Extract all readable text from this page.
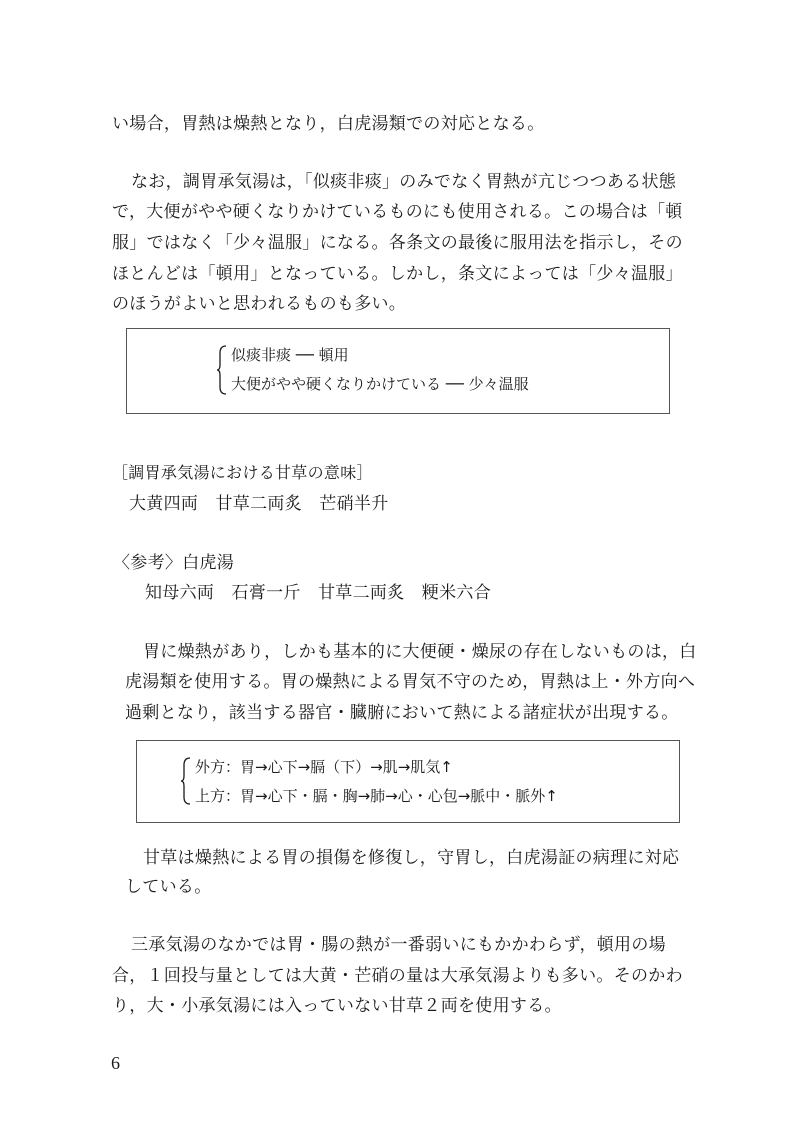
い場合，胃熱は燥熱となり，白虎湯類での対応となる。
なお，調胃承気湯は，「似痰非痰」のみでなく胃熱が亢じつつある状態
で，大便がやや硬くなりかけているものにも使用される。この場合は「頓
服」ではなく「少々温服」になる。各条文の最後に服用法を指示し，その
ほとんどは「頓用」となっている。しかし，条文によっては「少々温服」
のほうがよいと思われるものも多い。
似痰非痰 ── 頓用
大便がやや硬くなりかけている ── 少々温服
［調胃承気湯における甘草の意味］
大黄四両　甘草二両炙　芒硝半升
〈参考〉白虎湯
知母六両　石膏一斤　甘草二両炙　粳米六合
胃に燥熱があり，しかも基本的に大便硬・燥尿の存在しないものは，白
虎湯類を使用する。胃の燥熱による胃気不守のため，胃熱は上・外方向へ
過剰となり，該当する器官・臓腑において熱による諸症状が出現する。
外方：胃→心下→膈（下）→肌→肌気↑
上方：胃→心下・膈・胸→肺→心・心包→脈中・脈外↑
甘草は燥熱による胃の損傷を修復し，守胃し，白虎湯証の病理に対応
している。
三承気湯のなかでは胃・腸の熱が一番弱いにもかかわらず，頓用の場
合，１回投与量としては大黄・芒硝の量は大承気湯よりも多い。そのかわ
り，大・小承気湯には入っていない甘草２両を使用する。
6
